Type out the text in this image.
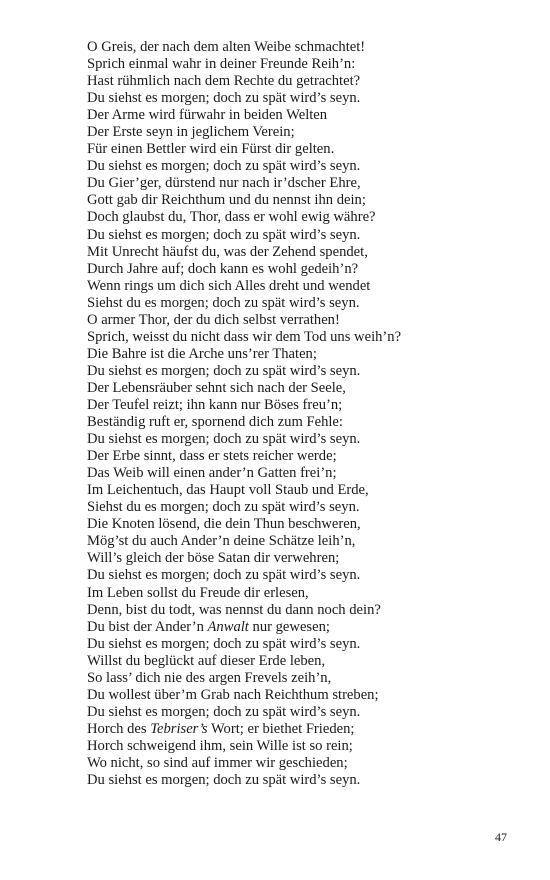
O Greis, der nach dem alten Weibe schmachtet!
Sprich einmal wahr in deiner Freunde Reih’n:
Hast rühmlich nach dem Rechte du getrachtet?
Du siehst es morgen; doch zu spät wird’s seyn.
Der Arme wird fürwahr in beiden Welten
Der Erste seyn in jeglichem Verein;
Für einen Bettler wird ein Fürst dir gelten.
Du siehst es morgen; doch zu spät wird’s seyn.
Du Gier’ger, dürstend nur nach ir’dscher Ehre,
Gott gab dir Reichthum und du nennst ihn dein;
Doch glaubst du, Thor, dass er wohl ewig währe?
Du siehst es morgen; doch zu spät wird’s seyn.
Mit Unrecht häufst du, was der Zehend spendet,
Durch Jahre auf; doch kann es wohl gedeih’n?
Wenn rings um dich sich Alles dreht und wendet
Siehst du es morgen; doch zu spät wird’s seyn.
O armer Thor, der du dich selbst verrathen!
Sprich, weisst du nicht dass wir dem Tod uns weih’n?
Die Bahre ist die Arche uns’rer Thaten;
Du siehst es morgen; doch zu spät wird’s seyn.
Der Lebensräuber sehnt sich nach der Seele,
Der Teufel reizt; ihn kann nur Böses freu’n;
Beständig ruft er, spornend dich zum Fehle:
Du siehst es morgen; doch zu spät wird’s seyn.
Der Erbe sinnt, dass er stets reicher werde;
Das Weib will einen ander’n Gatten frei’n;
Im Leichentuch, das Haupt voll Staub und Erde,
Siehst du es morgen; doch zu spät wird’s seyn.
Die Knoten lösend, die dein Thun beschweren,
Mög’st du auch Ander’n deine Schätze leih’n,
Will’s gleich der böse Satan dir verwehren;
Du siehst es morgen; doch zu spät wird’s seyn.
Im Leben sollst du Freude dir erlesen,
Denn, bist du todt, was nennst du dann noch dein?
Du bist der Ander’n Anwalt nur gewesen;
Du siehst es morgen; doch zu spät wird’s seyn.
Willst du beglückt auf dieser Erde leben,
So lass’ dich nie des argen Frevels zeih’n,
Du wollest über’m Grab nach Reichthum streben;
Du siehst es morgen; doch zu spät wird’s seyn.
Horch des Tebriser’s Wort; er biethet Frieden;
Horch schweigend ihm, sein Wille ist so rein;
Wo nicht, so sind auf immer wir geschieden;
Du siehst es morgen; doch zu spät wird’s seyn.
47
